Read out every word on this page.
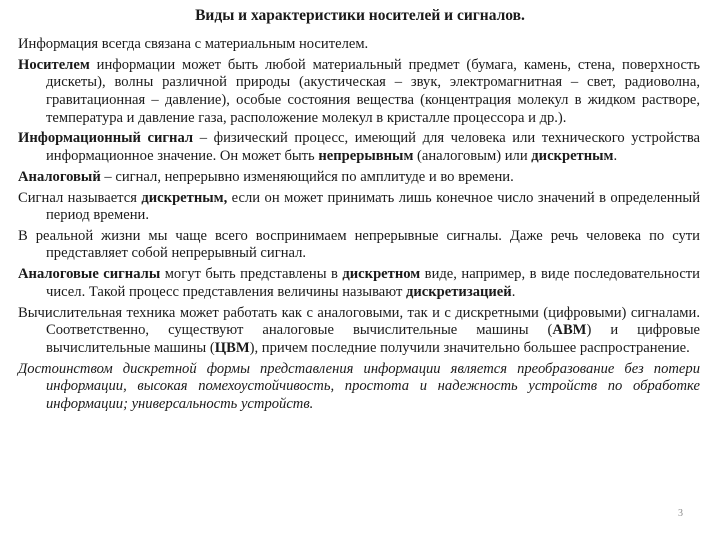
Виды и характеристики носителей и сигналов.

Информация всегда связана с материальным носителем.

Носителем информации может быть любой материальный предмет (бумага, камень, стена, поверхность дискеты), волны различной природы (акустическая – звук, электромагнитная – свет, радиоволна, гравитационная – давление), особые состояния вещества (концентрация молекул в жидком растворе, температура и давление газа, расположение молекул в кристалле процессора и др.).

Информационный сигнал – физический процесс, имеющий для человека или технического устройства информационное значение. Он может быть непрерывным (аналоговым) или дискретным.

Аналоговый – сигнал, непрерывно изменяющийся по амплитуде и во времени.

Сигнал называется дискретным, если он может принимать лишь конечное число значений в определенный период времени.

В реальной жизни мы чаще всего воспринимаем непрерывные сигналы. Даже речь человека по сути представляет собой непрерывный сигнал.

Аналоговые сигналы могут быть представлены в дискретном виде, например, в виде последовательности чисел. Такой процесс представления величины называют дискретизацией.

Вычислительная техника может работать как с аналоговыми, так и с дискретными (цифровыми) сигналами. Соответственно, существуют аналоговые вычислительные машины (АВМ) и цифровые вычислительные машины (ЦВМ), причем последние получили значительно большее распространение.

Достоинством дискретной формы представления информации является преобразование без потери информации, высокая помехоустойчивость, простота и надежность устройств по обработке информации; универсальность устройств.

3
